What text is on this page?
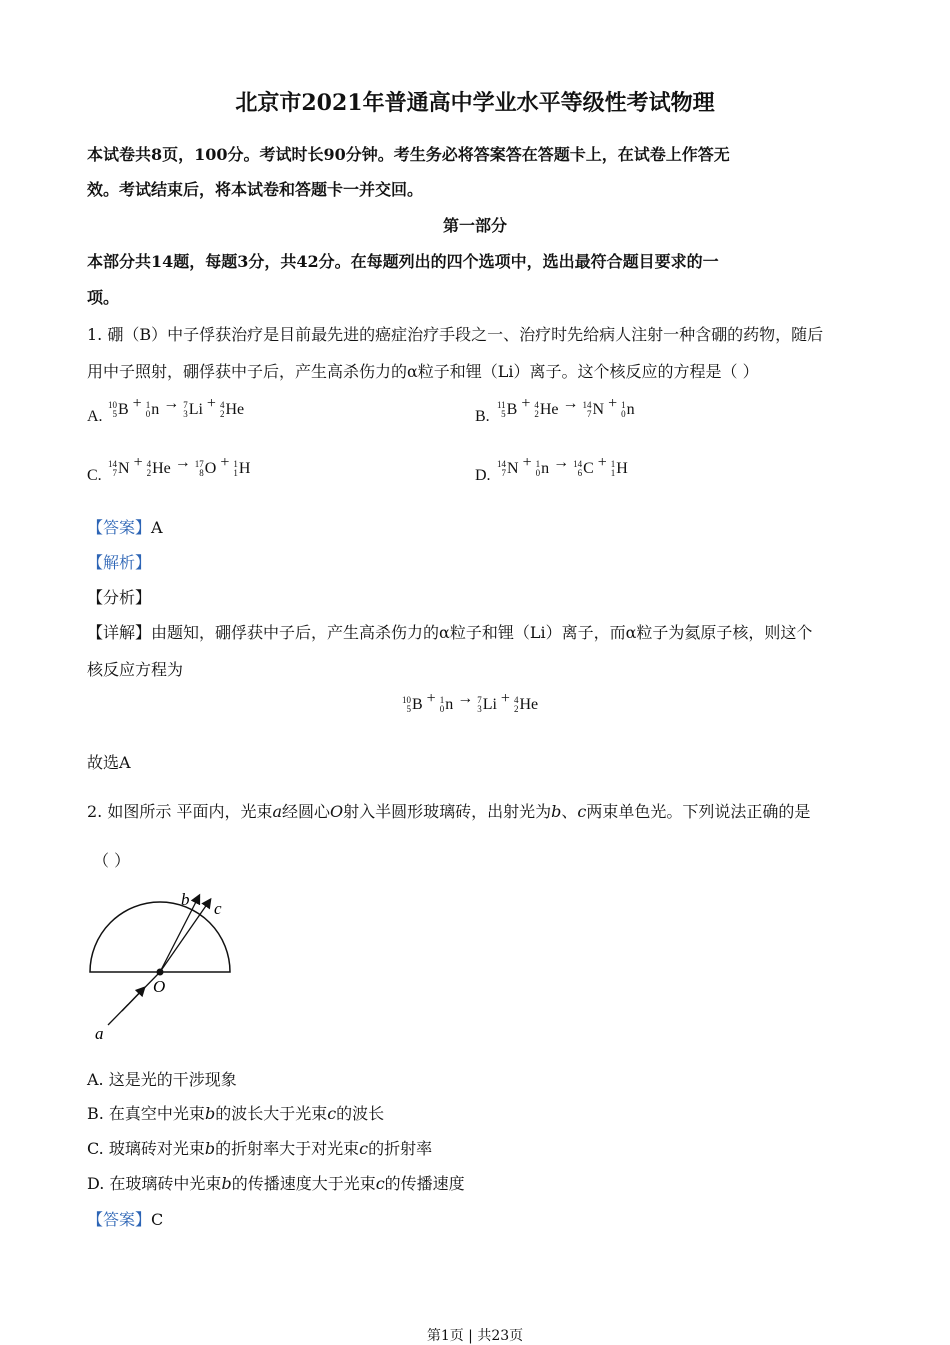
北京市2021年普通高中学业水平等级性考试物理
本试卷共8页，100分。考试时长90分钟。考生务必将答案答在答题卡上，在试卷上作答无
效。考试结束后，将本试卷和答题卡一并交回。
第一部分
本部分共14题，每题3分，共42分。在每题列出的四个选项中，选出最符合题目要求的一
项。
1. 硼（B）中子俘获治疗是目前最先进的癌症治疗手段之一、治疗时先给病人注射一种含硼的药物，随后
用中子照射，硼俘获中子后，产生高杀伤力的α粒子和锂（Li）离子。这个核反应的方程是（ ）
A.
10
5 B + 1
0 n → 7
3 Li + 4
2 He	B.
11
5 B + 4
2 He → 14
7 N + 1
0 n
C.
14
7 N + 4
2 He → 17
8 O + 1
1 H	D.
14
7 N + 1
0 n → 14
6 C + 1
1 H
【答案】A
【解析】
【分析】
【详解】由题知，硼俘获中子后，产生高杀伤力的α粒子和锂（Li）离子，而α粒子为氦原子核，则这个
核反应方程为
10
5 B + 1
0 n → 7
3 Li + 4
2 He
故选A
2. 如图所示 平面内，光束a经圆心O射入半圆形玻璃砖，出射光为b、c两束单色光。下列说法正确的是
（ ）
b c
O
a
A. 这是光的干涉现象
B. 在真空中光束b的波长大于光束c的波长
C. 玻璃砖对光束b的折射率大于对光束c的折射率
D. 在玻璃砖中光束b的传播速度大于光束c的传播速度
【答案】C
第1页 | 共23页
